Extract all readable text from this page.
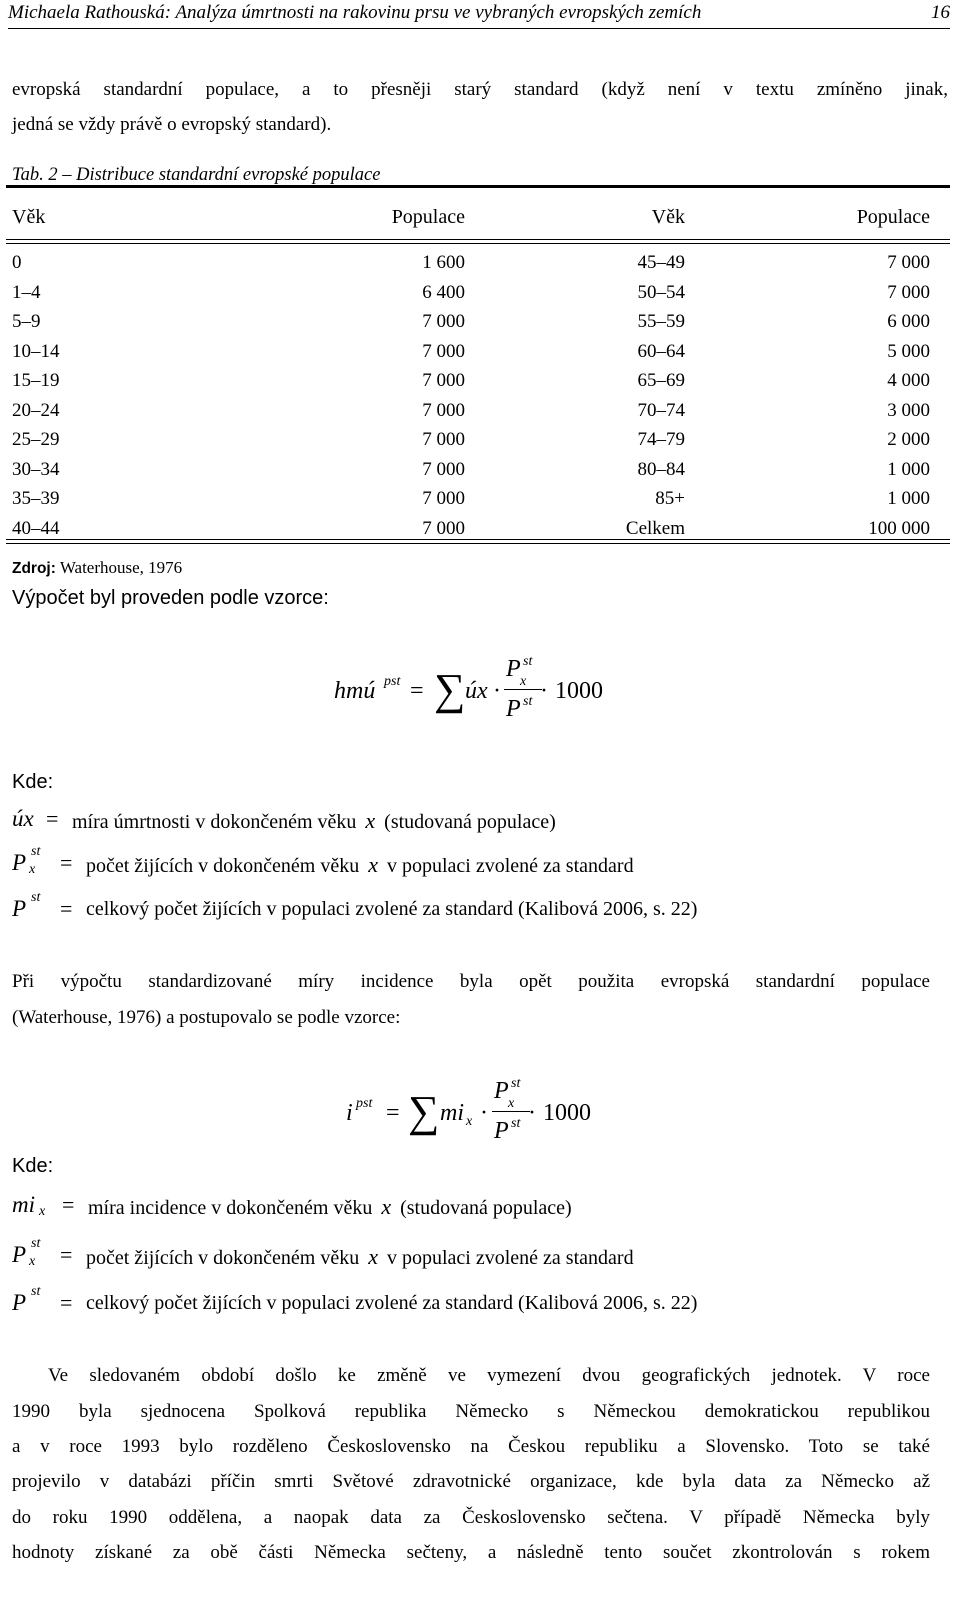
Michaela Rathouská: Analýza úmrtnosti na rakovinu prsu ve vybraných evropských zemích	16
evropská standardní populace, a to přesněji starý standard (když není v textu zmíněno jinak,
jedná se vždy právě o evropský standard).
Tab. 2 – Distribuce standardní evropské populace
Věk	Populace	Věk	Populace
0	1 600	45–49	7 000
1–4	6 400	50–54	7 000
5–9	7 000	55–59	6 000
10–14	7 000	60–64	5 000
15–19	7 000	65–69	4 000
20–24	7 000	70–74	3 000
25–29	7 000	74–79	2 000
30–34	7 000	80–84	1 000
35–39	7 000	85+	1 000
40–44	7 000	Celkem	100 000
Zdroj: Waterhouse, 1976
Výpočet byl proveden podle vzorce:
hmú pst = ∑ úx ·
P st
x
P st · 1000
Kde:
úx = míra úmrtnosti v dokončeném věku x (studovaná populace)
P st
x = počet žijících v dokončeném věku x v populaci zvolené za standard
P st = celkový počet žijících v populaci zvolené za standard (Kalibová 2006, s. 22)
Při výpočtu standardizované míry incidence byla opět použita evropská standardní populace
(Waterhouse, 1976) a postupovalo se podle vzorce:
i pst = ∑ mi x ·
P st
x
P st · 1000
Kde:
mi x = míra incidence v dokončeném věku x (studovaná populace)
P st
x = počet žijících v dokončeném věku x v populaci zvolené za standard
P st = celkový počet žijících v populaci zvolené za standard (Kalibová 2006, s. 22)
Ve sledovaném období došlo ke změně ve vymezení dvou geografických jednotek. V roce
1990 byla sjednocena Spolková republika Německo s Německou demokratickou republikou
a v roce 1993 bylo rozděleno Československo na Českou republiku a Slovensko. Toto se také
projevilo v databázi příčin smrti Světové zdravotnické organizace, kde byla data za Německo až
do roku 1990 oddělena, a naopak data za Československo sečtena. V případě Německa byly
hodnoty získané za obě části Německa sečteny, a následně tento součet zkontrolován s rokem
